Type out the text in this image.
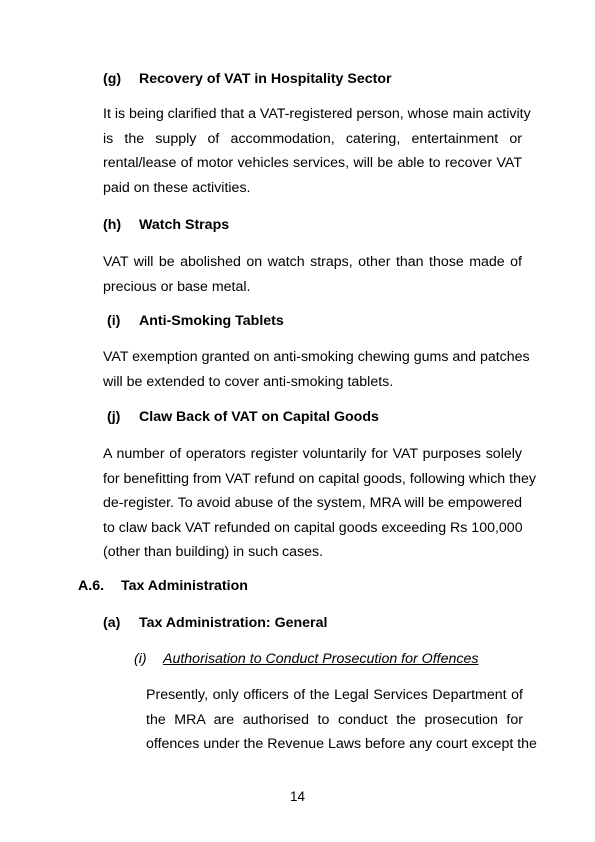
(g) Recovery of VAT in Hospitality Sector
It is being clarified that a VAT-registered person, whose main activity
is the supply of accommodation, catering, entertainment or
rental/lease of motor vehicles services, will be able to recover VAT
paid on these activities.
(h) Watch Straps
VAT will be abolished on watch straps, other than those made of
precious or base metal.
(i) Anti-Smoking Tablets
VAT exemption granted on anti-smoking chewing gums and patches
will be extended to cover anti-smoking tablets.
(j) Claw Back of VAT on Capital Goods
A number of operators register voluntarily for VAT purposes solely
for benefitting from VAT refund on capital goods, following which they
de-register. To avoid abuse of the system, MRA will be empowered
to claw back VAT refunded on capital goods exceeding Rs 100,000
(other than building) in such cases.
A.6. Tax Administration
(a) Tax Administration: General
(i) Authorisation to Conduct Prosecution for Offences
Presently, only officers of the Legal Services Department of
the MRA are authorised to conduct the prosecution for
offences under the Revenue Laws before any court except the
14
